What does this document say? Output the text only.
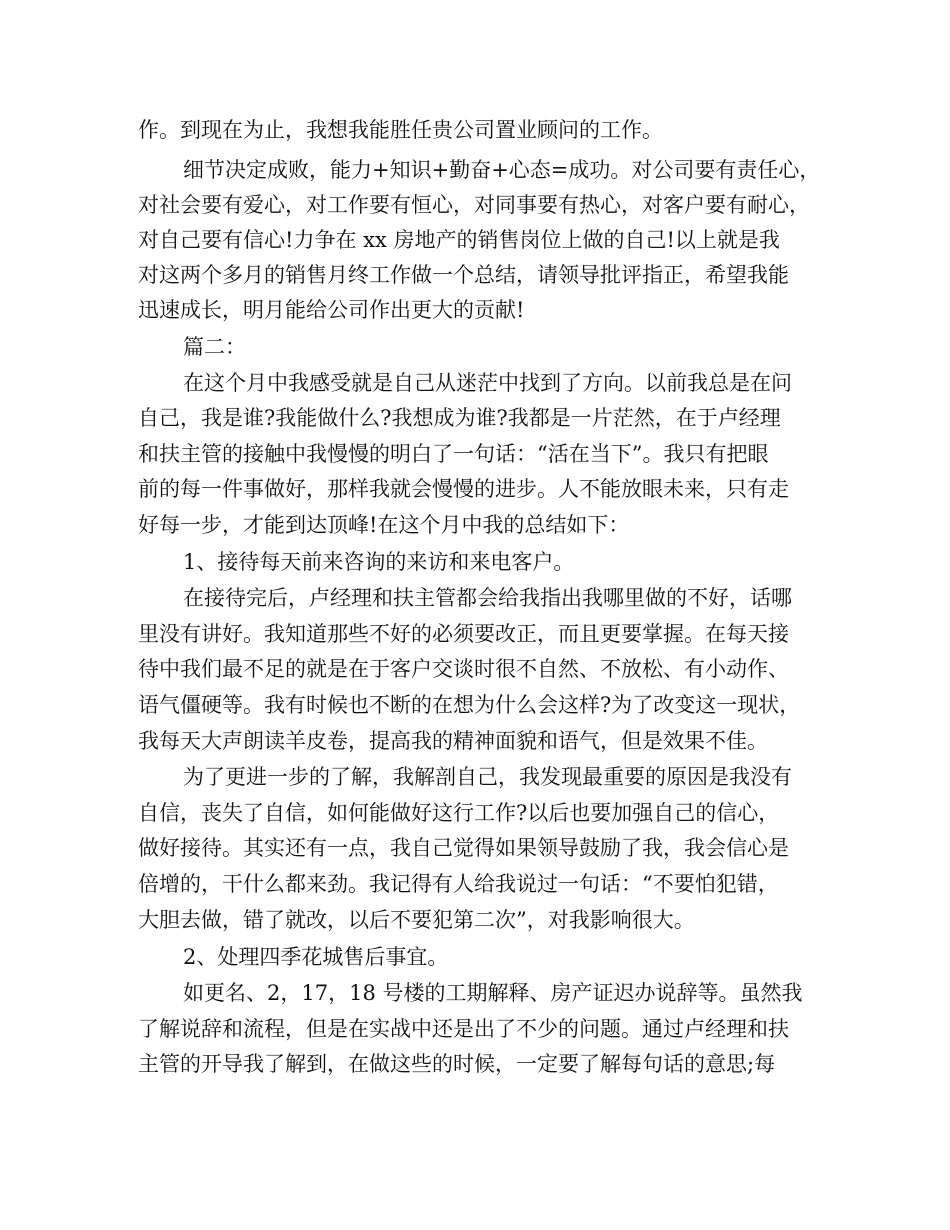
作。到现在为止，我想我能胜任贵公司置业顾问的工作。
细节决定成败，能力+知识+勤奋+心态=成功。对公司要有责任心，
对社会要有爱心，对工作要有恒心，对同事要有热心，对客户要有耐心，
对自己要有信心!力争在 xx 房地产的销售岗位上做的自己!以上就是我
对这两个多月的销售月终工作做一个总结，请领导批评指正，希望我能
迅速成长，明月能给公司作出更大的贡献!
篇二：
在这个月中我感受就是自己从迷茫中找到了方向。以前我总是在问
自己，我是谁?我能做什么?我想成为谁?我都是一片茫然，在于卢经理
和扶主管的接触中我慢慢的明白了一句话：“活在当下”。我只有把眼
前的每一件事做好，那样我就会慢慢的进步。人不能放眼未来，只有走
好每一步，才能到达顶峰!在这个月中我的总结如下：
1、接待每天前来咨询的来访和来电客户。
在接待完后，卢经理和扶主管都会给我指出我哪里做的不好，话哪
里没有讲好。我知道那些不好的必须要改正，而且更要掌握。在每天接
待中我们最不足的就是在于客户交谈时很不自然、不放松、有小动作、
语气僵硬等。我有时候也不断的在想为什么会这样?为了改变这一现状，
我每天大声朗读羊皮卷，提高我的精神面貌和语气，但是效果不佳。
为了更进一步的了解，我解剖自己，我发现最重要的原因是我没有
自信，丧失了自信，如何能做好这行工作?以后也要加强自己的信心，
做好接待。其实还有一点，我自己觉得如果领导鼓励了我，我会信心是
倍增的，干什么都来劲。我记得有人给我说过一句话：“不要怕犯错，
大胆去做，错了就改，以后不要犯第二次”，对我影响很大。
2、处理四季花城售后事宜。
如更名、2，17，18 号楼的工期解释、房产证迟办说辞等。虽然我
了解说辞和流程，但是在实战中还是出了不少的问题。通过卢经理和扶
主管的开导我了解到，在做这些的时候，一定要了解每句话的意思;每
